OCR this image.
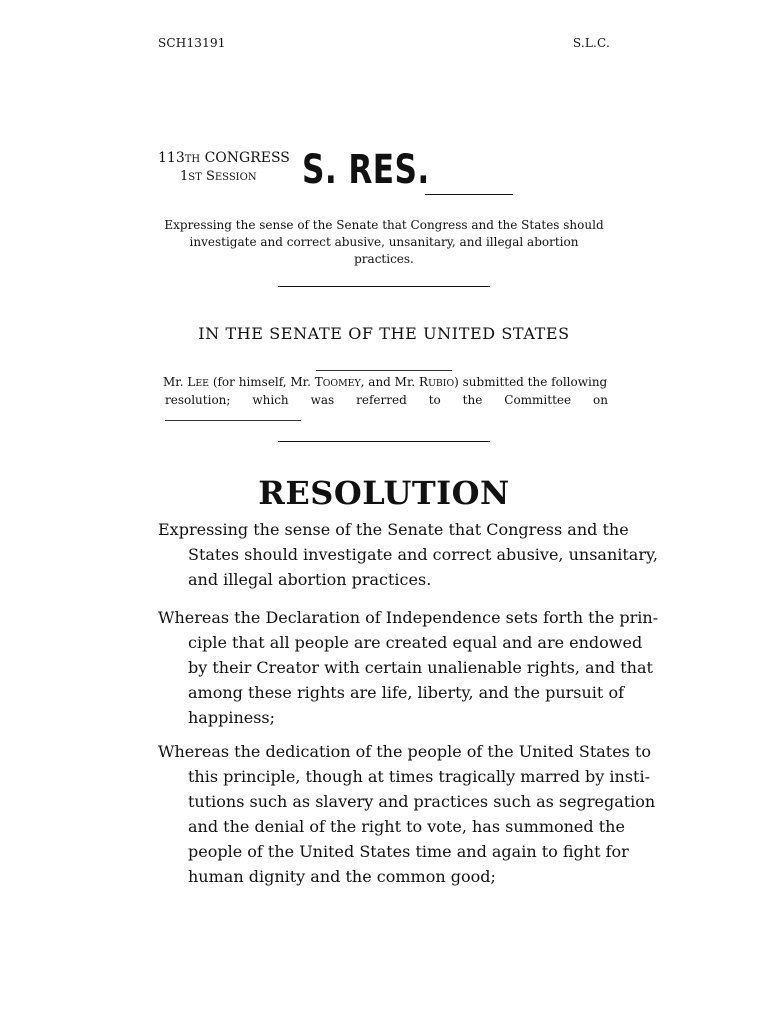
SCH13191	S.L.C.
113TH CONGRESS
1ST SESSION	S. RES.
Expressing the sense of the Senate that Congress and the States should
investigate and correct abusive, unsanitary, and illegal abortion practices.
IN THE SENATE OF THE UNITED STATES
Mr. LEE (for himself, Mr. TOOMEY, and Mr. RUBIO) submitted the following
resolution; which was referred to the Committee on
RESOLUTION
Expressing the sense of the Senate that Congress and the
States should investigate and correct abusive, unsanitary,
and illegal abortion practices.
Whereas the Declaration of Independence sets forth the prin-
ciple that all people are created equal and are endowed
by their Creator with certain unalienable rights, and that
among these rights are life, liberty, and the pursuit of
happiness;
Whereas the dedication of the people of the United States to
this principle, though at times tragically marred by insti-
tutions such as slavery and practices such as segregation
and the denial of the right to vote, has summoned the
people of the United States time and again to fight for
human dignity and the common good;
